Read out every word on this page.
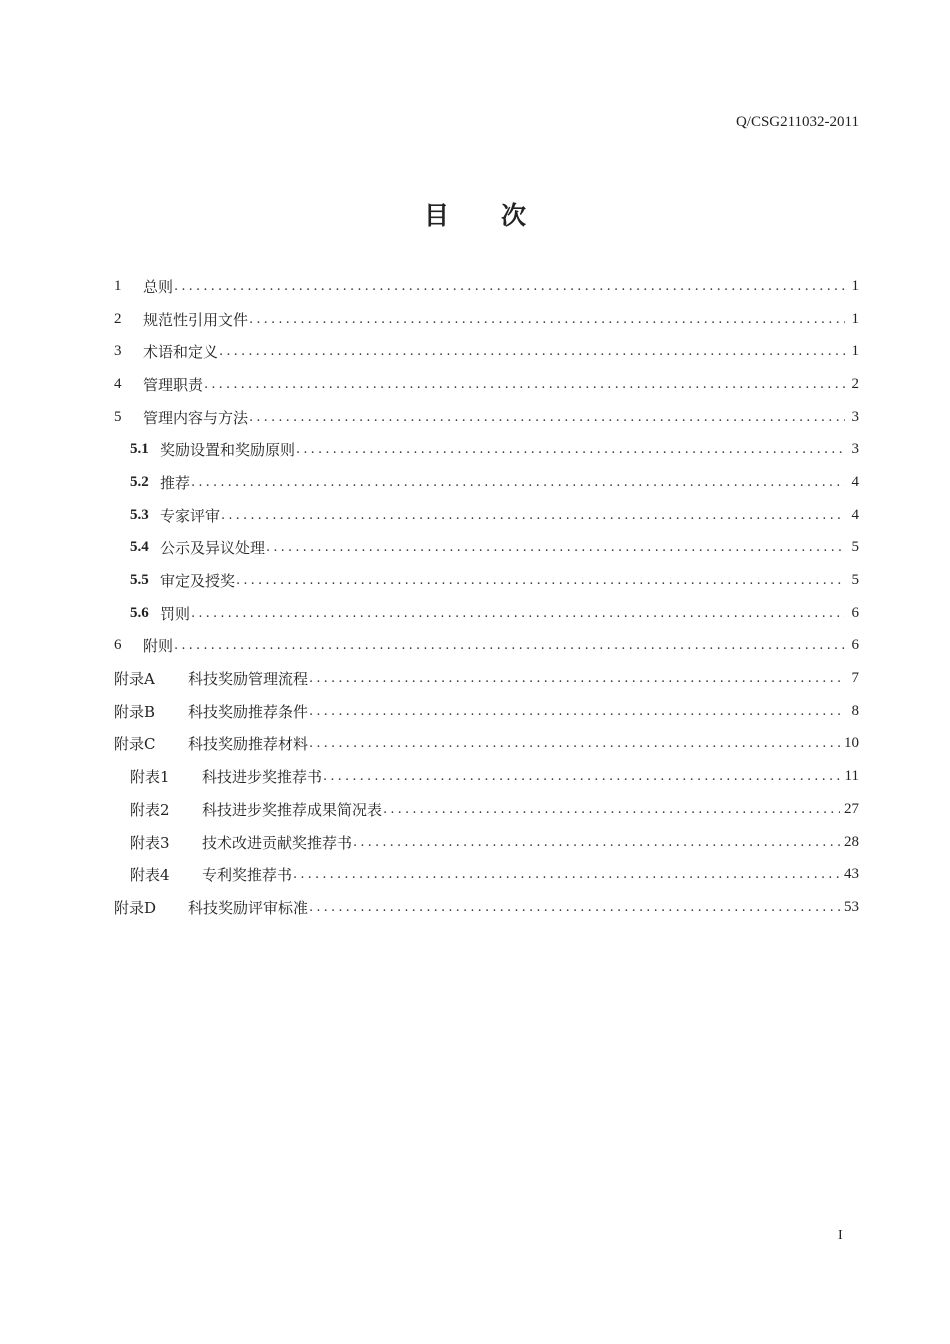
Q/CSG211032-2011
目 次
1	总则 .....	1
2	规范性引用文件 .....	1
3	术语和定义 .....	1
4	管理职责 .....	2
5	管理内容与方法 .....	3
5.1 奖励设置和奖励原则 .....	3
5.2 推荐 .....	4
5.3 专家评审 .....	4
5.4 公示及异议处理 .....	5
5.5 审定及授奖 .....	5
5.6 罚则 .....	6
6	附则 .....	6
附录A	科技奖励管理流程 .....	7
附录B	科技奖励推荐条件 .....	8
附录C	科技奖励推荐材料 .....	10
附表1	科技进步奖推荐书 .....	11
附表2	科技进步奖推荐成果简况表 .....	27
附表3	技术改进贡献奖推荐书 .....	28
附表4	专利奖推荐书 .....	43
附录D	科技奖励评审标准 .....	53
I
